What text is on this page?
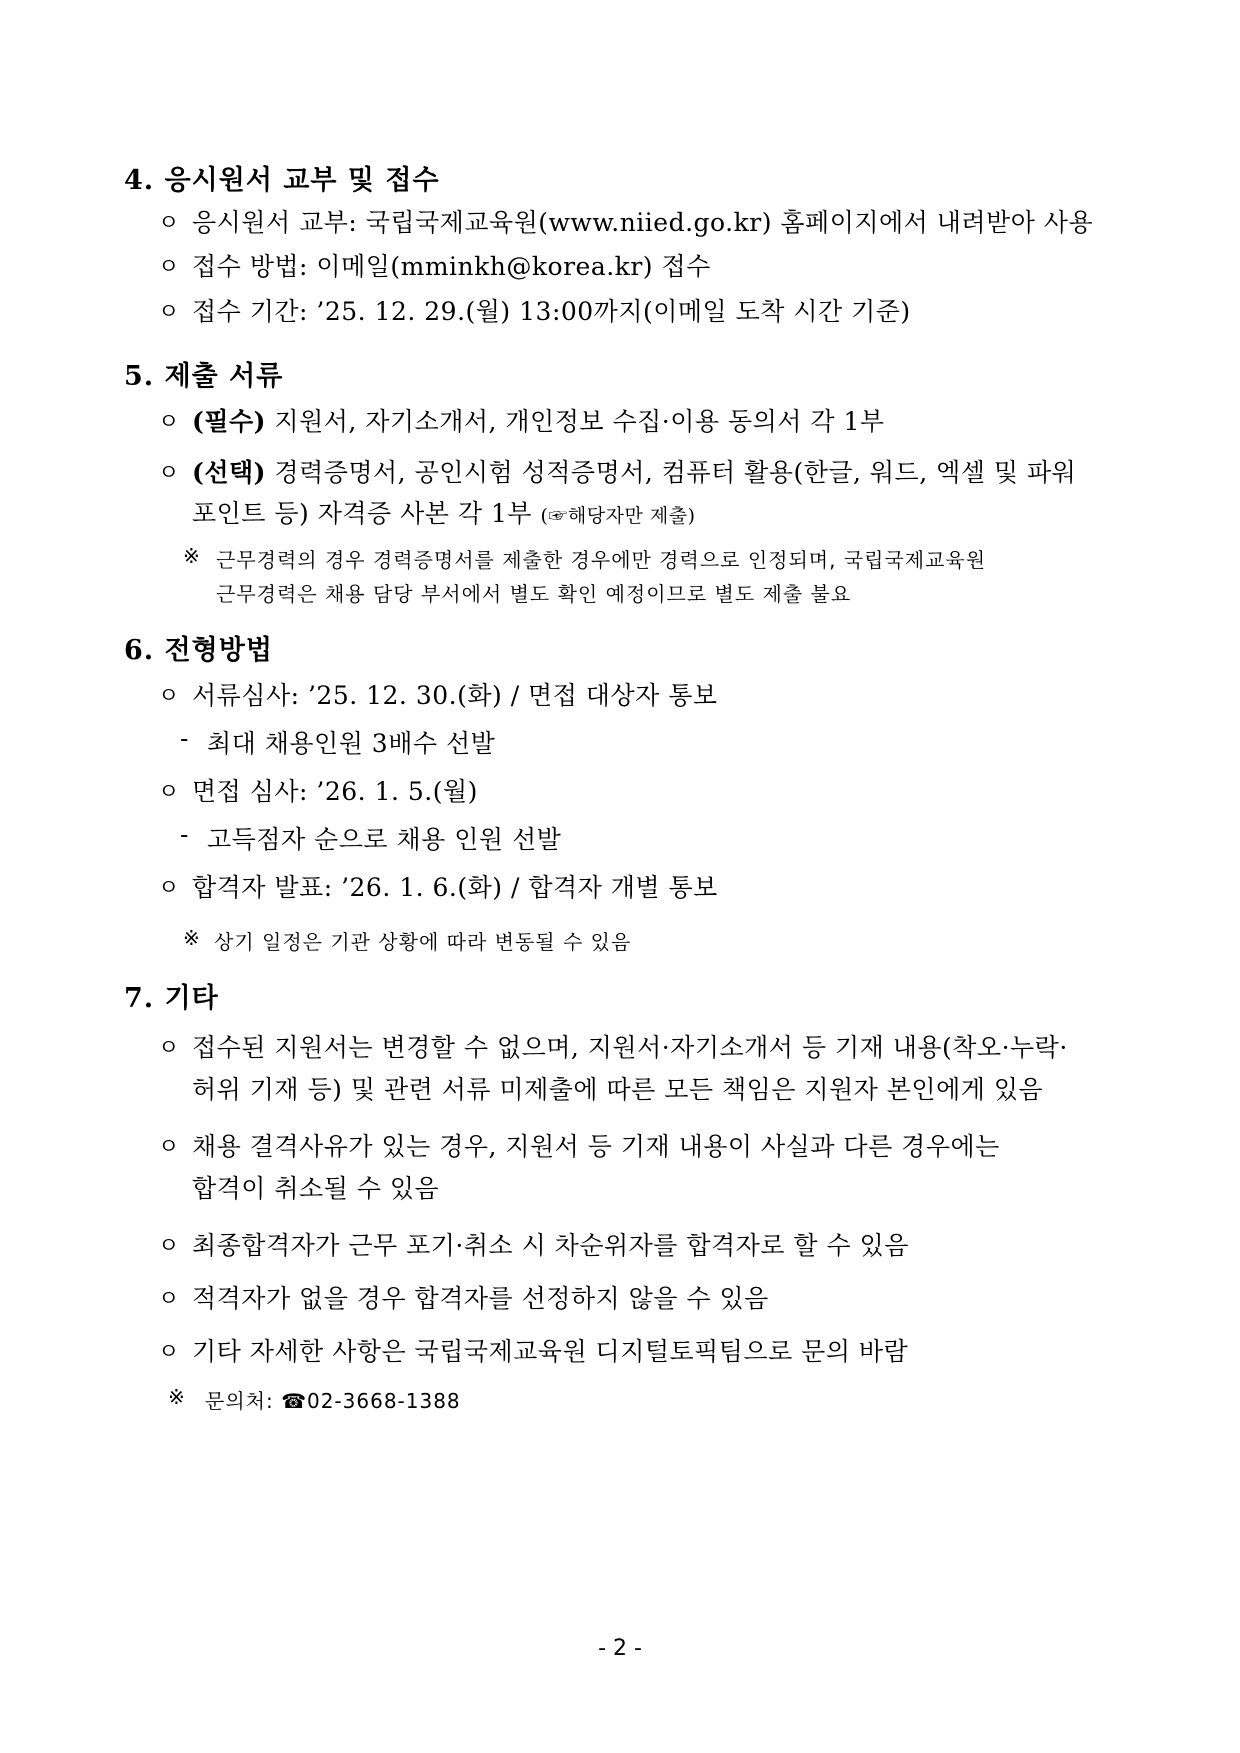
4. 응시원서 교부 및 접수
ㅇ 응시원서 교부: 국립국제교육원(www.niied.go.kr) 홈페이지에서 내려받아 사용
ㅇ 접수 방법: 이메일(mminkh@korea.kr) 접수
ㅇ 접수 기간: ’25. 12. 29.(월) 13:00까지(이메일 도착 시간 기준)
5. 제출 서류
ㅇ (필수) 지원서, 자기소개서, 개인정보 수집·이용 동의서 각 1부
ㅇ (선택) 경력증명서, 공인시험 성적증명서, 컴퓨터 활용(한글, 워드, 엑셀 및 파워
포인트 등) 자격증 사본 각 1부 (☞해당자만 제출)
※ 근무경력의 경우 경력증명서를 제출한 경우에만 경력으로 인정되며, 국립국제교육원
근무경력은 채용 담당 부서에서 별도 확인 예정이므로 별도 제출 불요
6. 전형방법
ㅇ 서류심사: ’25. 12. 30.(화) / 면접 대상자 통보
- 최대 채용인원 3배수 선발
ㅇ 면접 심사: ’26. 1. 5.(월)
- 고득점자 순으로 채용 인원 선발
ㅇ 합격자 발표: ’26. 1. 6.(화) / 합격자 개별 통보
※ 상기 일정은 기관 상황에 따라 변동될 수 있음
7. 기타
ㅇ 접수된 지원서는 변경할 수 없으며, 지원서·자기소개서 등 기재 내용(착오·누락·
허위 기재 등) 및 관련 서류 미제출에 따른 모든 책임은 지원자 본인에게 있음
ㅇ 채용 결격사유가 있는 경우, 지원서 등 기재 내용이 사실과 다른 경우에는
합격이 취소될 수 있음
ㅇ 최종합격자가 근무 포기·취소 시 차순위자를 합격자로 할 수 있음
ㅇ 적격자가 없을 경우 합격자를 선정하지 않을 수 있음
ㅇ 기타 자세한 사항은 국립국제교육원 디지털토픽팀으로 문의 바람
※ 문의처: ☎02-3668-1388
- 2 -
